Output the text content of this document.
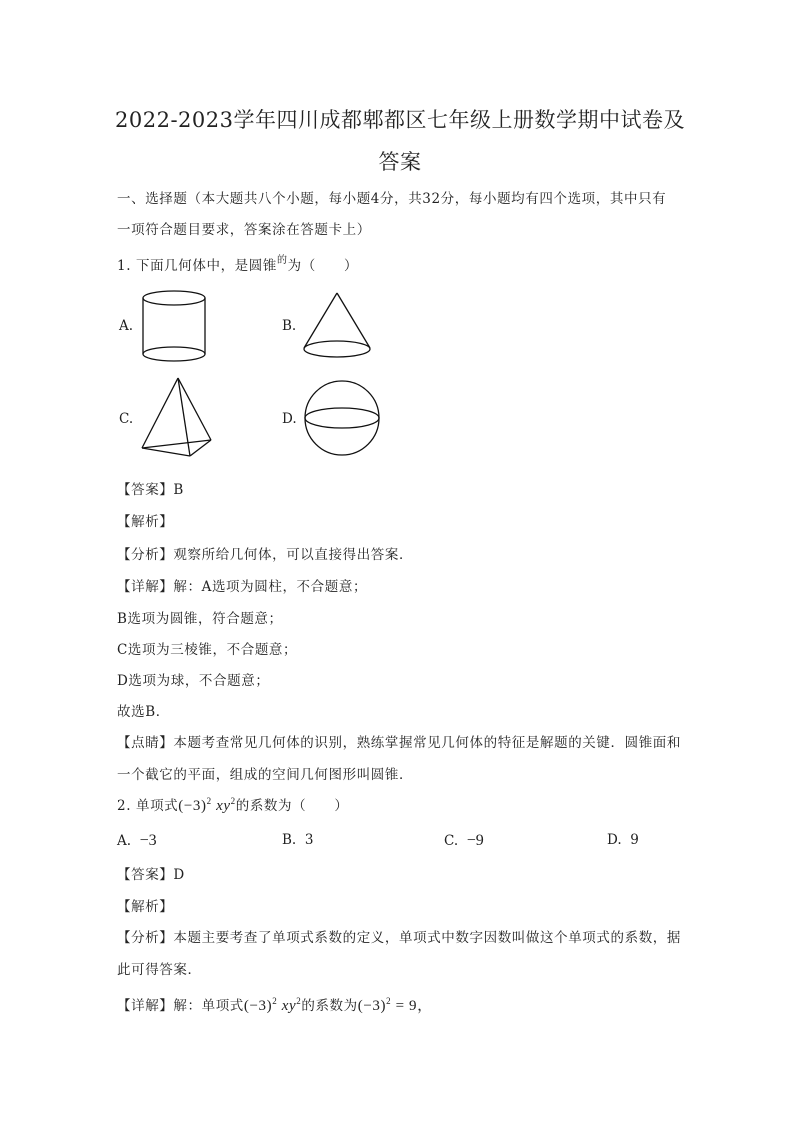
2022-2023学年四川成都郫都区七年级上册数学期中试卷及
答案
一、选择题（本大题共八个小题，每小题4分，共32分，每小题均有四个选项，其中只有
一项符合题目要求，答案涂在答题卡上）
1. 下面几何体中，是圆锥$^的$为（　　）
A.	B.
C.	D.
【答案】B
【解析】
【分析】观察所给几何体，可以直接得出答案．
【详解】解：A选项为圆柱，不合题意；
B选项为圆锥，符合题意；
C选项为三棱锥，不合题意；
D选项为球，不合题意；
故选B．
【点睛】本题考查常见几何体的识别，熟练掌握常见几何体的特征是解题的关键．圆锥面和
一个截它的平面，组成的空间几何图形叫圆锥．
2. 单项式$(-3)^2$ $xy^2$的系数为（　　）
A. −3	B. 3	C. −9	D. 9
【答案】D
【解析】
【分析】本题主要考查了单项式系数的定义，单项式中数字因数叫做这个单项式的系数，据
此可得答案．
【详解】解：单项式$(-3)^2$ $xy^2$的系数为$(-3)^2 = 9$，
